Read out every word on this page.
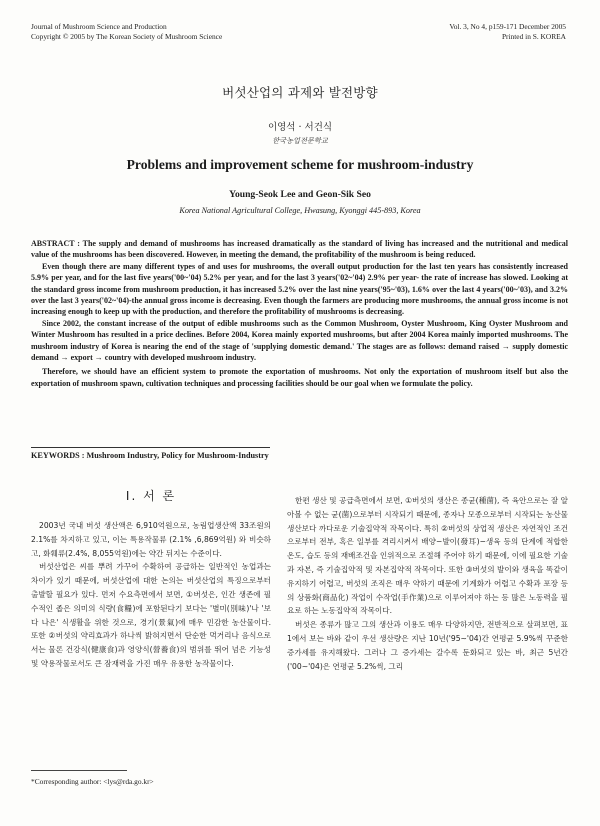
Journal of Mushroom Science and Production
Copyright © 2005 by The Korean Society of Mushroom Science
Vol. 3, No 4, p159-171 December 2005
Printed in S. KOREA
버섯산업의 과제와 발전방향
이영석 · 서건식
한국농업전문학교
Problems and improvement scheme for mushroom-industry
Young-Seok Lee and Geon-Sik Seo
Korea National Agricultural College, Hwasung, Kyonggi 445-893, Korea

ABSTRACT : The supply and demand of mushrooms has increased dramatically as the standard of living has increased and the nutritional and medical value of the mushrooms has been discovered. However, in meeting the demand, the profitability of the mushroom is being reduced.

Even though there are many different types of and uses for mushrooms, the overall output production for the last ten years has consistently increased 5.9% per year, and for the last five years('00~'04) 5.2% per year, and for the last 3 years('02~'04) 2.9% per year- the rate of increase has slowed. Looking at the standard gross income from mushroom production, it has increased 5.2% over the last nine years('95~'03), 1.6% over the last 4 years('00~'03), and 3.2% over the last 3 years('02~'04)-the annual gross income is decreasing. Even though the farmers are producing more mushrooms, the annual gross income is not increasing enough to keep up with the production, and therefore the profitability of mushrooms is decreasing.

Since 2002, the constant increase of the output of edible mushrooms such as the Common Mushroom, Oyster Mushroom, King Oyster Mushroom and Winter Mushroom has resulted in a price declines. Before 2004, Korea mainly exported mushrooms, but after 2004 Korea mainly imported mushrooms. The mushroom industry of Korea is nearing the end of the stage of 'supplying domestic demand.' The stages are as follows: demand raised → supply domestic demand → export → country with developed mushroom industry.

Therefore, we should have an efficient system to promote the exportation of mushrooms. Not only the exportation of mushroom itself but also the exportation of mushroom spawn, cultivation techniques and processing facilities should be our goal when we formulate the policy.

KEYWORDS : Mushroom Industry, Policy for Mushroom-Industry
I. 서 론

2003년 국내 버섯 생산액은 6,910억원으로, 농림업생산액 33조원의 2.1%를 차지하고 있고, 이는 특용작물류 (2.1% ,6,869억원) 와 비슷하고, 화훼류(2.4%, 8,055억원)에는 약간 뒤지는 수준이다.

버섯산업은 씨를 뿌려 가꾸어 수확하여 공급하는 일반적인 농업과는 차이가 있기 때문에, 버섯산업에 대한 논의는 버섯산업의 특징으로부터 출발할 필요가 있다. 먼저 수요측면에서 보면, ①버섯은, 인간 생존에 필수적인 좁은 의미의 식량(食糧)에 포함된다기 보다는 '별미(別味)'나 '보다 나은' 식생활을 위한 것으로, 경기(景氣)에 매우 민감한 농산물이다. 또한 ②버섯의 약리효과가 하나씩 밝혀지면서 단순한 먹거리나 음식으로서는 물론 건강식(健康食)과 영양식(營養食)의 범위를 뛰어 넘은 기능성 및 약용작물로서도 큰 잠재력을 가진 매우 유용한 농작물이다.

한편 생산 및 공급측면에서 보면, ①버섯의 생산은 종균(種菌), 즉 육안으로는 잘 알아볼 수 없는 균(菌)으로부터 시작되기 때문에, 종자나 모종으로부터 시작되는 농산물 생산보다 까다로운 기술집약적 작목이다. 특히 ②버섯의 상업적 생산은 자연적인 조건으로부터 전부, 혹은 일부를 격리시켜서 배양−발이(發耳)−생육 등의 단계에 적합한 온도, 습도 등의 재배조건을 인위적으로 조절해 주어야 하기 때문에, 이에 필요한 기술과 자본, 즉 기술집약적 및 자본집약적 작목이다. 또한 ③버섯의 발이와 생육을 똑같이 유지하기 어렵고, 버섯의 조직은 매우 약하기 때문에 기계화가 어렵고 수확과 포장 등의 상품화(商品化) 작업이 수작업(手作業)으로 이루어져야 하는 등 많은 노동력을 필요로 하는 노동집약적 작목이다.

버섯은 종류가 많고 그의 생산과 이용도 매우 다양하지만, 전반적으로 살펴보면, 표 1에서 보는 바와 같이 우선 생산량은 지난 10년('95~'04)간 연평균 5.9%씩 꾸준한 증가세를 유지해왔다. 그러나 그 증가세는 갈수록 둔화되고 있는 바, 최근 5년간('00~'04)은 연평균 5.2%씩, 그리

*Corresponding author: <lys@rda.go.kr>
